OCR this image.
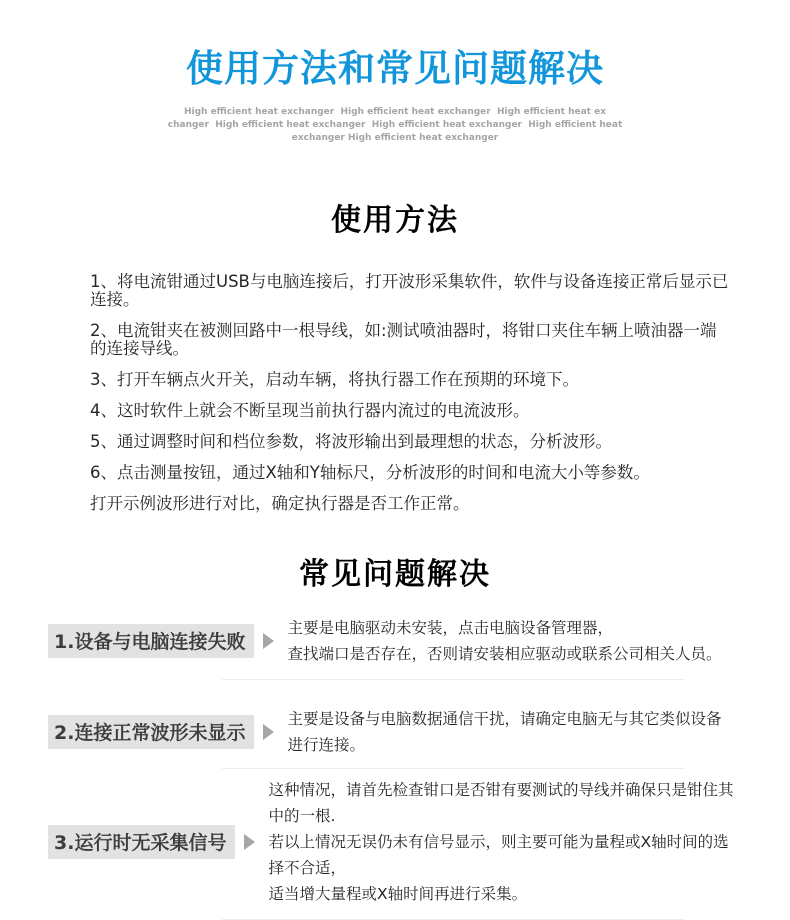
使用方法和常见问题解决
High efficient heat exchanger  High efficient heat exchanger  High efficient heat ex
changer  High efficient heat exchanger  High efficient heat exchanger  High efficient heat
exchanger High efficient heat exchanger
使用方法

1、将电流钳通过USB与电脑连接后，打开波形采集软件，软件与设备连接正常后显示已连接。

2、电流钳夹在被测回路中一根导线，如:测试喷油器时，将钳口夹住车辆上喷油器一端的连接导线。

3、打开车辆点火开关，启动车辆，将执行器工作在预期的环境下。

4、这时软件上就会不断呈现当前执行器内流过的电流波形。

5、通过调整时间和档位参数，将波形输出到最理想的状态，分析波形。

6、点击测量按钮，通过X轴和Y轴标尺，分析波形的时间和电流大小等参数。

打开示例波形进行对比，确定执行器是否工作正常。

常见问题解决
1.设备与电脑连接失败

主要是电脑驱动未安装，点击电脑设备管理器，

查找端口是否存在，否则请安装相应驱动或联系公司相关人员。

2.连接正常波形未显示

主要是设备与电脑数据通信干扰，请确定电脑无与其它类似设备进行连接。

3.运行时无采集信号

这种情况，请首先检查钳口是否钳有要测试的导线并确保只是钳住其中的一根.

若以上情况无误仍未有信号显示，则主要可能为量程或X轴时间的选择不合适，

适当增大量程或X轴时间再进行采集。
